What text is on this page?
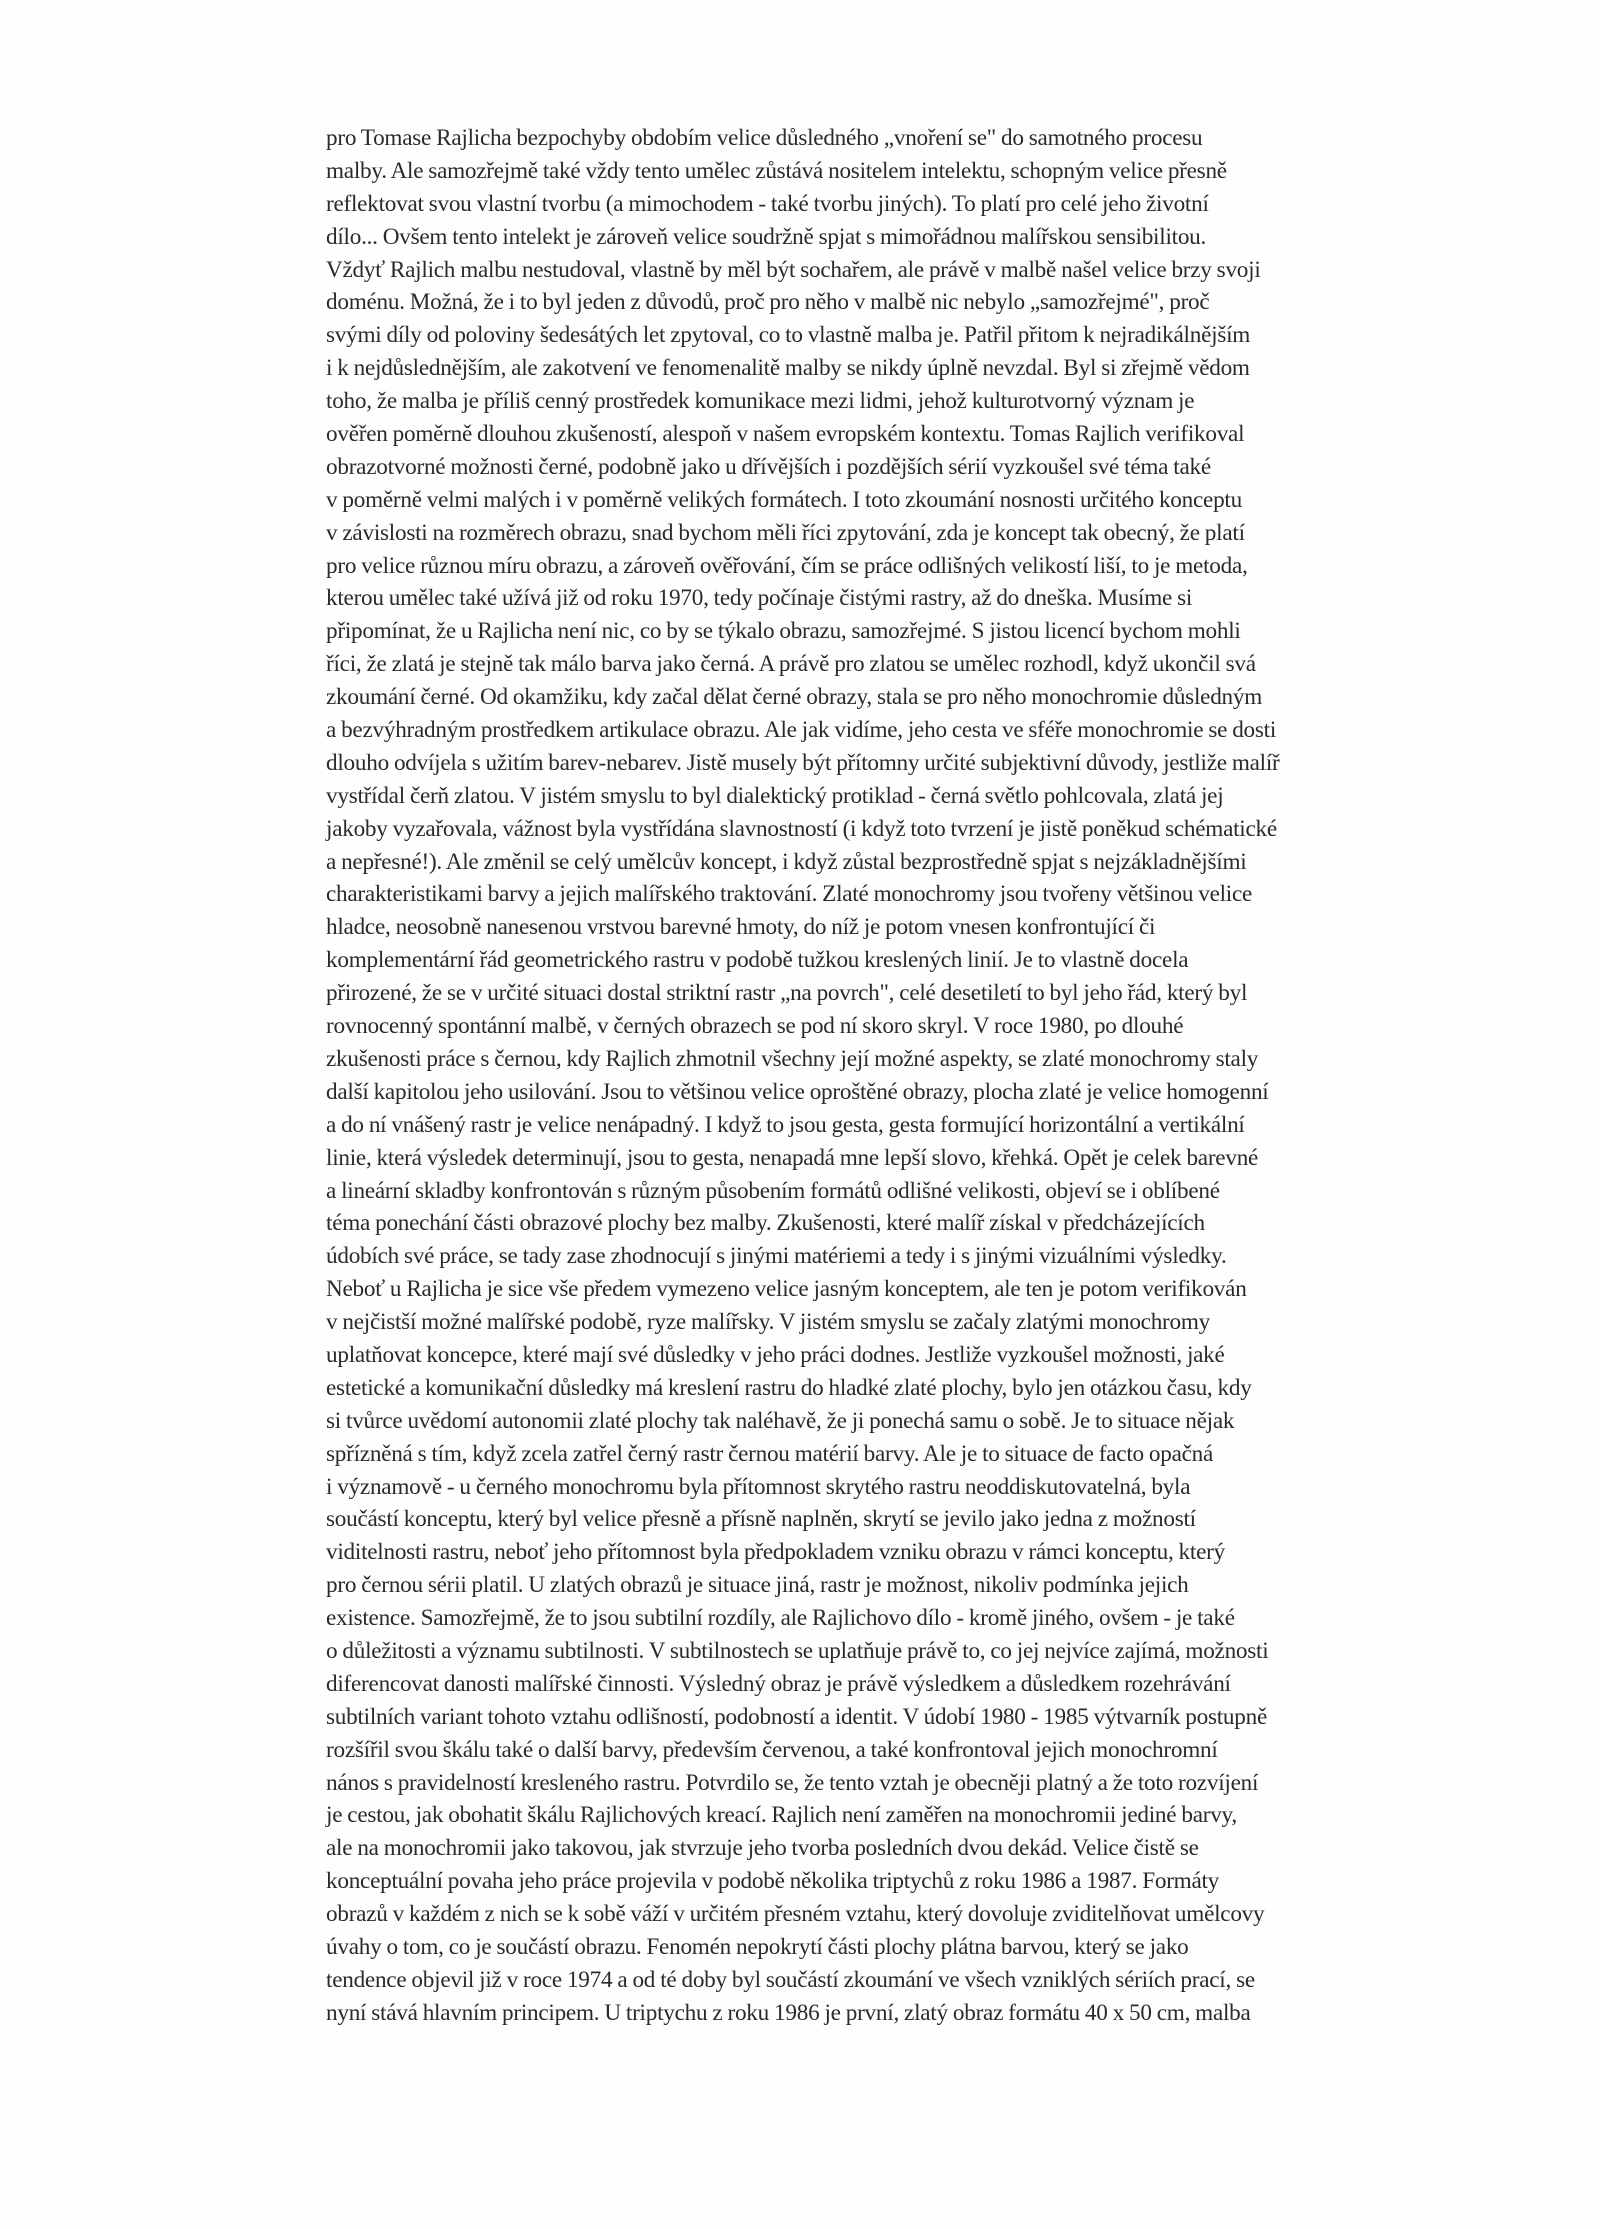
pro Tomase Rajlicha bezpochyby obdobím velice důsledného „vnoření se" do samotného procesu
malby. Ale samozřejmě také vždy tento umělec zůstává nositelem intelektu, schopným velice přesně
reflektovat svou vlastní tvorbu (a mimochodem - také tvorbu jiných). To platí pro celé jeho životní
dílo... Ovšem tento intelekt je zároveň velice soudržně spjat s mimořádnou malířskou sensibilitou.
Vždyť Rajlich malbu nestudoval, vlastně by měl být sochařem, ale právě v malbě našel velice brzy svoji
doménu. Možná, že i to byl jeden z důvodů, proč pro něho v malbě nic nebylo „samozřejmé", proč
svými díly od poloviny šedesátých let zpytoval, co to vlastně malba je. Patřil přitom k nejradikálnějším
i k nejdůslednějším, ale zakotvení ve fenomenalitě malby se nikdy úplně nevzdal. Byl si zřejmě vědom
toho, že malba je příliš cenný prostředek komunikace mezi lidmi, jehož kulturotvorný význam je
ověřen poměrně dlouhou zkušeností, alespoň v našem evropském kontextu. Tomas Rajlich verifikoval
obrazotvorné možnosti černé, podobně jako u dřívějších i pozdějších sérií vyzkoušel své téma také
v poměrně velmi malých i v poměrně velikých formátech. I toto zkoumání nosnosti určitého konceptu
v závislosti na rozměrech obrazu, snad bychom měli říci zpytování, zda je koncept tak obecný, že platí
pro velice různou míru obrazu, a zároveň ověřování, čím se práce odlišných velikostí liší, to je metoda,
kterou umělec také užívá již od roku 1970, tedy počínaje čistými rastry, až do dneška. Musíme si
připomínat, že u Rajlicha není nic, co by se týkalo obrazu, samozřejmé. S jistou licencí bychom mohli
říci, že zlatá je stejně tak málo barva jako černá. A právě pro zlatou se umělec rozhodl, když ukončil svá
zkoumání černé. Od okamžiku, kdy začal dělat černé obrazy, stala se pro něho monochromie důsledným
a bezvýhradným prostředkem artikulace obrazu. Ale jak vidíme, jeho cesta ve sféře monochromie se dosti
dlouho odvíjela s užitím barev-nebarev. Jistě musely být přítomny určité subjektivní důvody, jestliže malíř
vystřídal čerň zlatou. V jistém smyslu to byl dialektický protiklad - černá světlo pohlcovala, zlatá jej
jakoby vyzařovala, vážnost byla vystřídána slavnostností (i když toto tvrzení je jistě poněkud schématické
a nepřesné!). Ale změnil se celý umělcův koncept, i když zůstal bezprostředně spjat s nejzákladnějšími
charakteristikami barvy a jejich malířského traktování. Zlaté monochromy jsou tvořeny většinou velice
hladce, neosobně nanesenou vrstvou barevné hmoty, do níž je potom vnesen konfrontující či
komplementární řád geometrického rastru v podobě tužkou kreslených linií. Je to vlastně docela
přirozené, že se v určité situaci dostal striktní rastr „na povrch", celé desetiletí to byl jeho řád, který byl
rovnocenný spontánní malbě, v černých obrazech se pod ní skoro skryl. V roce 1980, po dlouhé
zkušenosti práce s černou, kdy Rajlich zhmotnil všechny její možné aspekty, se zlaté monochromy staly
další kapitolou jeho usilování. Jsou to většinou velice oproštěné obrazy, plocha zlaté je velice homogenní
a do ní vnášený rastr je velice nenápadný. I když to jsou gesta, gesta formující horizontální a vertikální
linie, která výsledek determinují, jsou to gesta, nenapadá mne lepší slovo, křehká. Opět je celek barevné
a lineární skladby konfrontován s různým působením formátů odlišné velikosti, objeví se i oblíbené
téma ponechání části obrazové plochy bez malby. Zkušenosti, které malíř získal v předcházejících
údobích své práce, se tady zase zhodnocují s jinými matériemi a tedy i s jinými vizuálními výsledky.
Neboť u Rajlicha je sice vše předem vymezeno velice jasným konceptem, ale ten je potom verifikován
v nejčistší možné malířské podobě, ryze malířsky. V jistém smyslu se začaly zlatými monochromy
uplatňovat koncepce, které mají své důsledky v jeho práci dodnes. Jestliže vyzkoušel možnosti, jaké
estetické a komunikační důsledky má kreslení rastru do hladké zlaté plochy, bylo jen otázkou času, kdy
si tvůrce uvědomí autonomii zlaté plochy tak naléhavě, že ji ponechá samu o sobě. Je to situace nějak
spřízněná s tím, když zcela zatřel černý rastr černou matérií barvy. Ale je to situace de facto opačná
i významově - u černého monochromu byla přítomnost skrytého rastru neoddiskutovatelná, byla
součástí konceptu, který byl velice přesně a přísně naplněn, skrytí se jevilo jako jedna z možností
viditelnosti rastru, neboť jeho přítomnost byla předpokladem vzniku obrazu v rámci konceptu, který
pro černou sérii platil. U zlatých obrazů je situace jiná, rastr je možnost, nikoliv podmínka jejich
existence. Samozřejmě, že to jsou subtilní rozdíly, ale Rajlichovo dílo - kromě jiného, ovšem - je také
o důležitosti a významu subtilnosti. V subtilnostech se uplatňuje právě to, co jej nejvíce zajímá, možnosti
diferencovat danosti malířské činnosti. Výsledný obraz je právě výsledkem a důsledkem rozehrávání
subtilních variant tohoto vztahu odlišností, podobností a identit. V údobí 1980 - 1985 výtvarník postupně
rozšířil svou škálu také o další barvy, především červenou, a také konfrontoval jejich monochromní
nános s pravidelností kresleného rastru. Potvrdilo se, že tento vztah je obecněji platný a že toto rozvíjení
je cestou, jak obohatit škálu Rajlichových kreací. Rajlich není zaměřen na monochromii jediné barvy,
ale na monochromii jako takovou, jak stvrzuje jeho tvorba posledních dvou dekád. Velice čistě se
konceptuální povaha jeho práce projevila v podobě několika triptychů z roku 1986 a 1987. Formáty
obrazů v každém z nich se k sobě váží v určitém přesném vztahu, který dovoluje zviditelňovat umělcovy
úvahy o tom, co je součástí obrazu. Fenomén nepokrytí části plochy plátna barvou, který se jako
tendence objevil již v roce 1974 a od té doby byl součástí zkoumání ve všech vzniklých sériích prací, se
nyní stává hlavním principem. U triptychu z roku 1986 je první, zlatý obraz formátu 40 x 50 cm, malba
